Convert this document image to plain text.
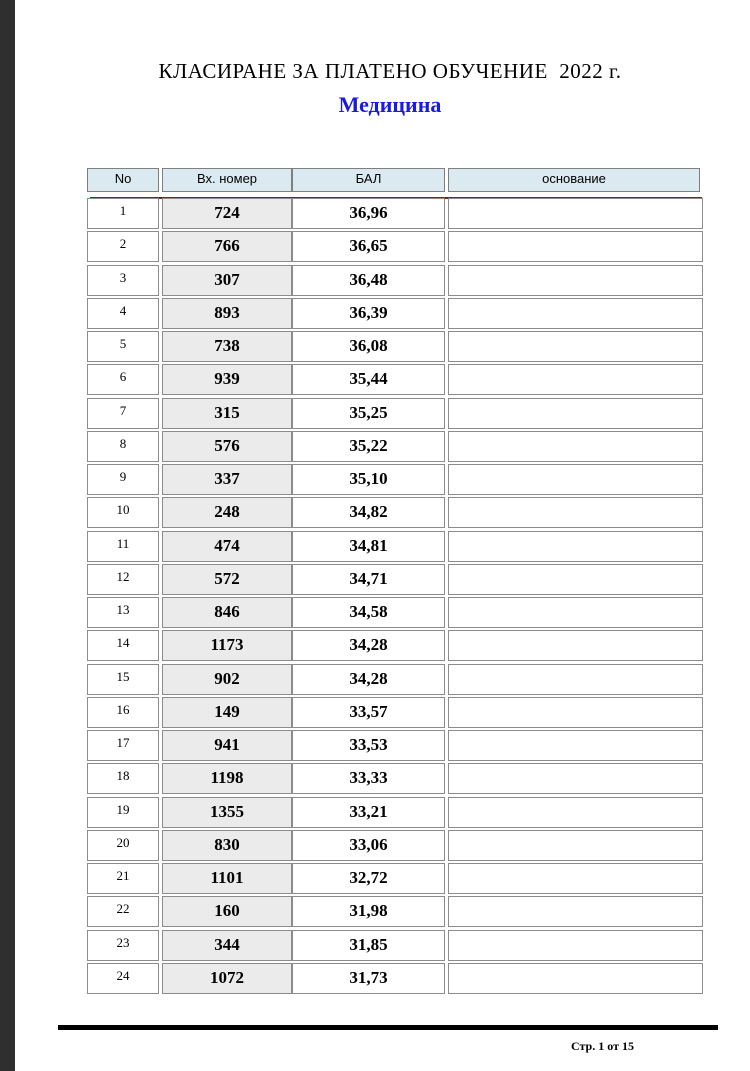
КЛАСИРАНЕ ЗА ПЛАТЕНО ОБУЧЕНИЕ  2022 г.
Медицина
No	Вх. номер	БАЛ	основание
1	724	36,96
2	766	36,65
3	307	36,48
4	893	36,39
5	738	36,08
6	939	35,44
7	315	35,25
8	576	35,22
9	337	35,10
10	248	34,82
11	474	34,81
12	572	34,71
13	846	34,58
14	1173	34,28
15	902	34,28
16	149	33,57
17	941	33,53
18	1198	33,33
19	1355	33,21
20	830	33,06
21	1101	32,72
22	160	31,98
23	344	31,85
24	1072	31,73
Стр. 1 от 15
